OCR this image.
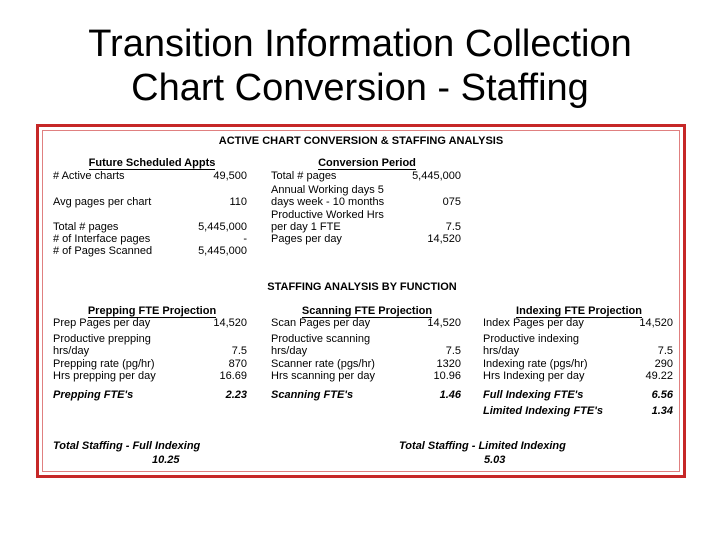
Transition Information Collection
Chart Conversion - Staffing
ACTIVE CHART CONVERSION & STAFFING ANALYSIS
Future Scheduled Appts
# Active charts	49,500
Avg pages per chart	110
Total # pages	5,445,000
# of Interface pages	-
# of Pages Scanned	5,445,000
Conversion Period
Total # pages	5,445,000
Annual Working days 5
days week - 10 months	075
Productive Worked Hrs
per day 1 FTE	7.5
Pages per day	14,520
STAFFING ANALYSIS BY FUNCTION
Prepping FTE Projection
Prep Pages per day	14,520
Productive prepping
hrs/day	7.5
Prepping rate (pg/hr)	870
Hrs prepping per day	16.69
Prepping FTE's	2.23
Scanning FTE Projection
Scan Pages per day	14,520
Productive scanning
hrs/day	7.5
Scanner rate (pgs/hr)	1320
Hrs scanning per day	10.96
Scanning FTE's	1.46
Indexing FTE Projection
Index Pages per day	14,520
Productive indexing
hrs/day	7.5
Indexing rate (pgs/hr)	290
Hrs Indexing per day	49.22
Full Indexing FTE's	6.56
Limited Indexing FTE's	1.34
Total Staffing - Full Indexing
10.25
Total Staffing - Limited Indexing
5.03
